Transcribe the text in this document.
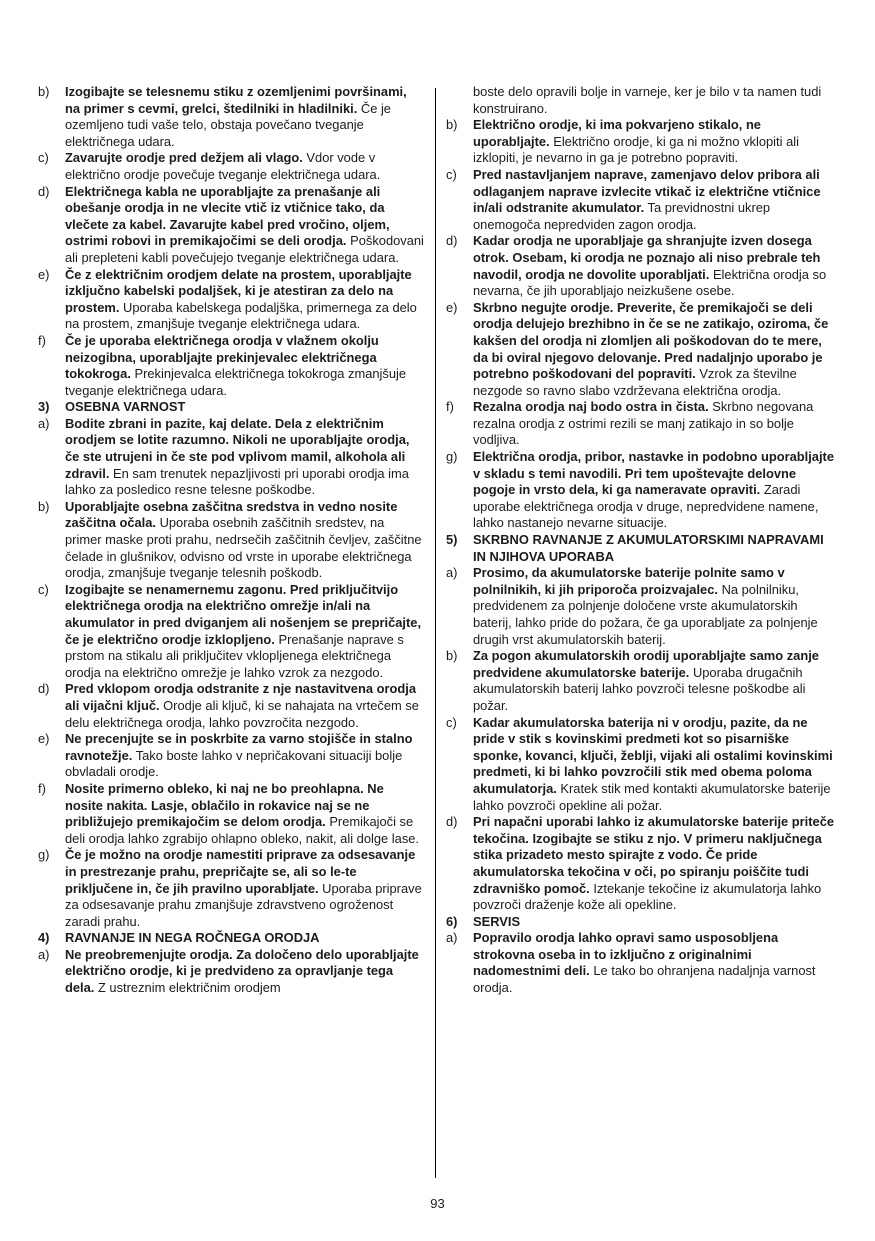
b)	Izogibajte se telesnemu stiku z ozemljenimi površinami, na primer s cevmi, grelci, štedilniki in hladilniki. Če je ozemljeno tudi vaše telo, obstaja povečano tveganje električnega udara.
c)	Zavarujte orodje pred dežjem ali vlago. Vdor vode v električno orodje povečuje tveganje električnega udara.
d)	Električnega kabla ne uporabljajte za prenašanje ali obešanje orodja in ne vlecite vtič iz vtičnice tako, da vlečete za kabel. Zavarujte kabel pred vročino, oljem, ostrimi robovi in premikajočimi se deli orodja. Poškodovani ali prepleteni kabli povečujejo tveganje električnega udara.
e)	Če z električnim orodjem delate na prostem, uporabljajte izključno kabelski podaljšek, ki je atestiran za delo na prostem. Uporaba kabelskega podaljška, primernega za delo na prostem, zmanjšuje tveganje električnega udara.
f)	Če je uporaba električnega orodja v vlažnem okolju neizogibna, uporabljajte prekinjevalec električnega tokokroga. Prekinjevalca električnega tokokroga zmanjšuje tveganje električnega udara.
3)	OSEBNA VARNOST
a)	Bodite zbrani in pazite, kaj delate. Dela z električnim orodjem se lotite razumno. Nikoli ne uporabljajte orodja, če ste utrujeni in če ste pod vplivom mamil, alkohola ali zdravil. En sam trenutek nepazljivosti pri uporabi orodja ima lahko za posledico resne telesne poškodbe.
b)	Uporabljajte osebna zaščitna sredstva in vedno nosite zaščitna očala. Uporaba osebnih zaščitnih sredstev, na primer maske proti prahu, nedrsečih zaščitnih čevljev, zaščitne čelade in glušnikov, odvisno od vrste in uporabe električnega orodja, zmanjšuje tveganje telesnih poškodb.
c)	Izogibajte se nenamernemu zagonu. Pred priključitvijo električnega orodja na električno omrežje in/ali na akumulator in pred dviganjem ali nošenjem se prepričajte, če je električno orodje izklopljeno. Prenašanje naprave s prstom na stikalu ali priključitev vklopljenega električnega orodja na električno omrežje je lahko vzrok za nezgodo.
d)	Pred vklopom orodja odstranite z nje nastavitvena orodja ali vijačni ključ. Orodje ali ključ, ki se nahajata na vrtečem se delu električnega orodja, lahko povzročita nezgodo.
e)	Ne precenjujte se in poskrbite za varno stojišče in stalno ravnotežje. Tako boste lahko v nepričakovani situaciji bolje obvladali orodje.
f)	Nosite primerno obleko, ki naj ne bo preohlapna. Ne nosite nakita. Lasje, oblačilo in rokavice naj se ne približujejo premikajočim se delom orodja. Premikajoči se deli orodja lahko zgrabijo ohlapno obleko, nakit, ali dolge lase.
g)	Če je možno na orodje namestiti priprave za odsesavanje in prestrezanje prahu, prepričajte se, ali so le-te priključene in, če jih pravilno uporabljate. Uporaba priprave za odsesavanje prahu zmanjšuje zdravstveno ogroženost zaradi prahu.
4)	RAVNANJE IN NEGA ROČNEGA ORODJA
a)	Ne preobremenjujte orodja. Za določeno delo uporabljajte električno orodje, ki je predvideno za opravljanje tega dela. Z ustreznim električnim orodjem
boste delo opravili bolje in varneje, ker je bilo v ta namen tudi konstruirano.
b)	Električno orodje, ki ima pokvarjeno stikalo, ne uporabljajte. Električno orodje, ki ga ni možno vklopiti ali izklopiti, je nevarno in ga je potrebno popraviti.
c)	Pred nastavljanjem naprave, zamenjavo delov pribora ali odlaganjem naprave izvlecite vtikač iz električne vtičnice in/ali odstranite akumulator. Ta previdnostni ukrep onemogoča nepredviden zagon orodja.
d)	Kadar orodja ne uporabljaje ga shranjujte izven dosega otrok. Osebam, ki orodja ne poznajo ali niso prebrale teh navodil, orodja ne dovolite uporabljati. Električna orodja so nevarna, če jih uporabljajo neizkušene osebe.
e)	Skrbno negujte orodje. Preverite, če premikajoči se deli orodja delujejo brezhibno in če se ne zatikajo, oziroma, če kakšen del orodja ni zlomljen ali poškodovan do te mere, da bi oviral njegovo delovanje. Pred nadaljnjo uporabo je potrebno poškodovani del popraviti. Vzrok za številne nezgode so ravno slabo vzdrževana električna orodja.
f)	Rezalna orodja naj bodo ostra in čista. Skrbno negovana rezalna orodja z ostrimi rezili se manj zatikajo in so bolje vodljiva.
g)	Električna orodja, pribor, nastavke in podobno uporabljajte v skladu s temi navodili. Pri tem upoštevajte delovne pogoje in vrsto dela, ki ga nameravate opraviti. Zaradi uporabe električnega orodja v druge, nepredvidene namene, lahko nastanejo nevarne situacije.
5)	SKRBNO RAVNANJE Z AKUMULATORSKIMI NAPRAVAMI IN NJIHOVA UPORABA
a)	Prosimo, da akumulatorske baterije polnite samo v polnilnikih, ki jih priporoča proizvajalec. Na polnilniku, predvidenem za polnjenje določene vrste akumulatorskih baterij, lahko pride do požara, če ga uporabljate za polnjenje drugih vrst akumulatorskih baterij.
b)	Za pogon akumulatorskih orodij uporabljajte samo zanje predvidene akumulatorske baterije. Uporaba drugačnih akumulatorskih baterij lahko povzroči telesne poškodbe ali požar.
c)	Kadar akumulatorska baterija ni v orodju, pazite, da ne pride v stik s kovinskimi predmeti kot so pisarniške sponke, kovanci, ključi, žeblji, vijaki ali ostalimi kovinskimi predmeti, ki bi lahko povzročili stik med obema poloma akumulatorja. Kratek stik med kontakti akumulatorske baterije lahko povzroči opekline ali požar.
d)	Pri napačni uporabi lahko iz akumulatorske baterije priteče tekočina. Izogibajte se stiku z njo. V primeru naključnega stika prizadeto mesto spirajte z vodo. Če pride akumulatorska tekočina v oči, po spiranju poiščite tudi zdravniško pomoč. Iztekanje tekočine iz akumulatorja lahko povzroči draženje kože ali opekline.
6)	SERVIS
a)	Popravilo orodja lahko opravi samo usposobljena strokovna oseba in to izključno z originalnimi nadomestnimi deli. Le tako bo ohranjena nadaljnja varnost orodja.
93
